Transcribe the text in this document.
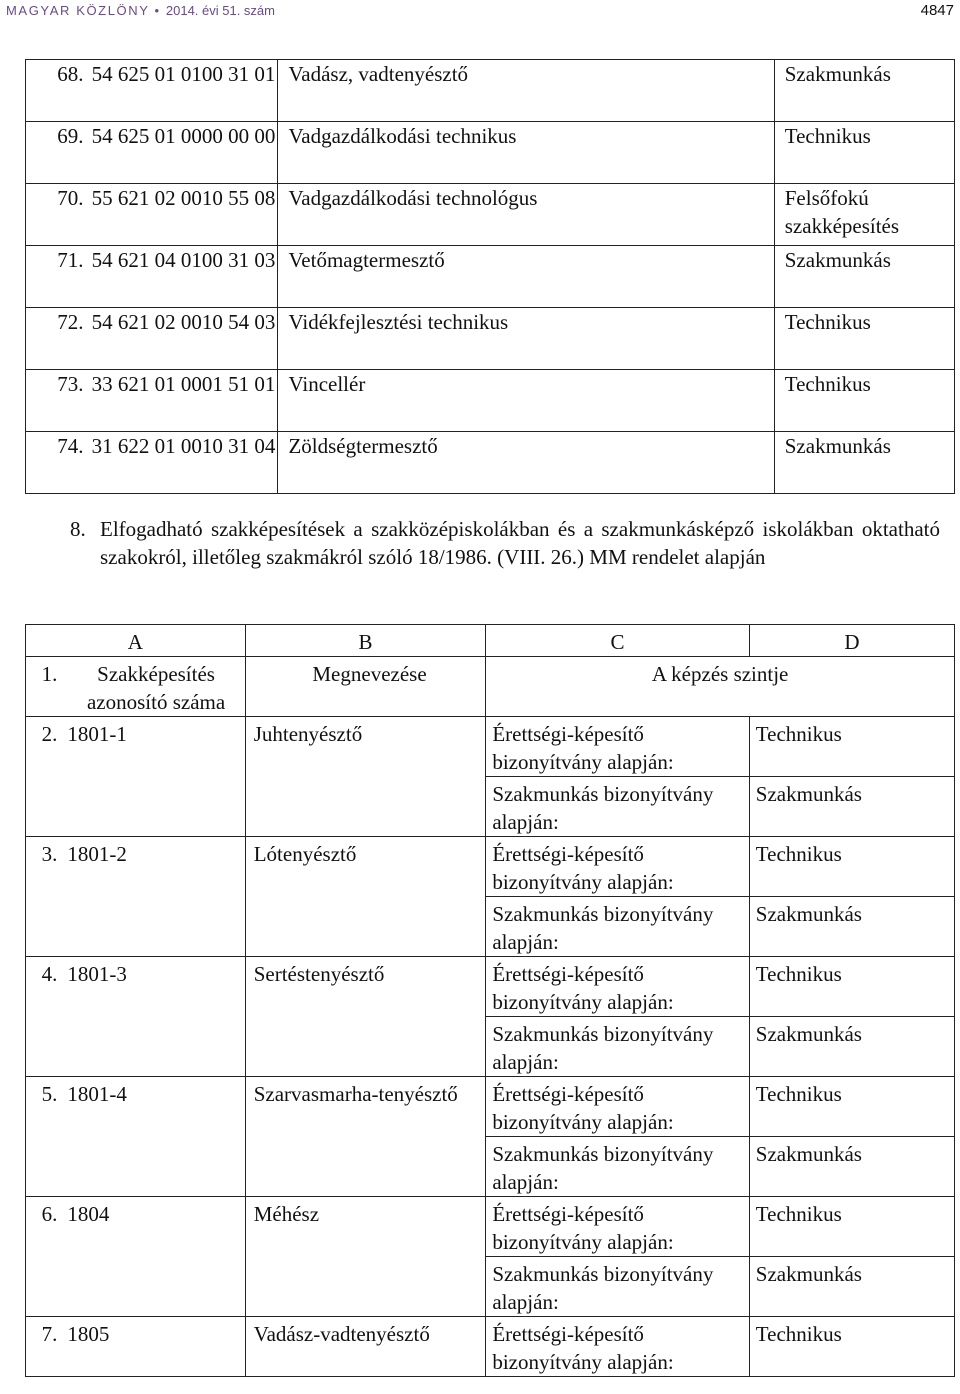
MAGYAR KÖZLÖNY • 2014. évi 51. szám	4847
68.	54 625 01 0100 31 01	Vadász, vadtenyésztő	Szakmunkás
69.	54 625 01 0000 00 00	Vadgazdálkodási technikus	Technikus
70.	55 621 02 0010 55 08	Vadgazdálkodási technológus	Felsőfokú szakképesítés
71.	54 621 04 0100 31 03	Vetőmagtermesztő	Szakmunkás
72.	54 621 02 0010 54 03	Vidékfejlesztési technikus	Technikus
73.	33 621 01 0001 51 01	Vincellér	Technikus
74.	31 622 01 0010 31 04	Zöldségtermesztő	Szakmunkás
8. Elfogadható szakképesítések a szakközépiskolákban és a szakmunkásképző iskolákban oktatható szakokról, illetőleg szakmákról szóló 18/1986. (VIII. 26.) MM rendelet alapján
A		B	C	D
1.	Szakképesítés azonosító száma	Megnevezése	A képzés szintje	
2.	1801-1	Juhtenyésztő	Érettségi-képesítő bizonyítvány alapján:	Technikus
			Szakmunkás bizonyítvány alapján:	Szakmunkás
3.	1801-2	Lótenyésztő	Érettségi-képesítő bizonyítvány alapján:	Technikus
			Szakmunkás bizonyítvány alapján:	Szakmunkás
4.	1801-3	Sertéstenyésztő	Érettségi-képesítő bizonyítvány alapján:	Technikus
			Szakmunkás bizonyítvány alapján:	Szakmunkás
5.	1801-4	Szarvasmarha-tenyésztő	Érettségi-képesítő bizonyítvány alapján:	Technikus
			Szakmunkás bizonyítvány alapján:	Szakmunkás
6.	1804	Méhész	Érettségi-képesítő bizonyítvány alapján:	Technikus
			Szakmunkás bizonyítvány alapján:	Szakmunkás
7.	1805	Vadász-vadtenyésztő	Érettségi-képesítő bizonyítvány alapján:	Technikus
